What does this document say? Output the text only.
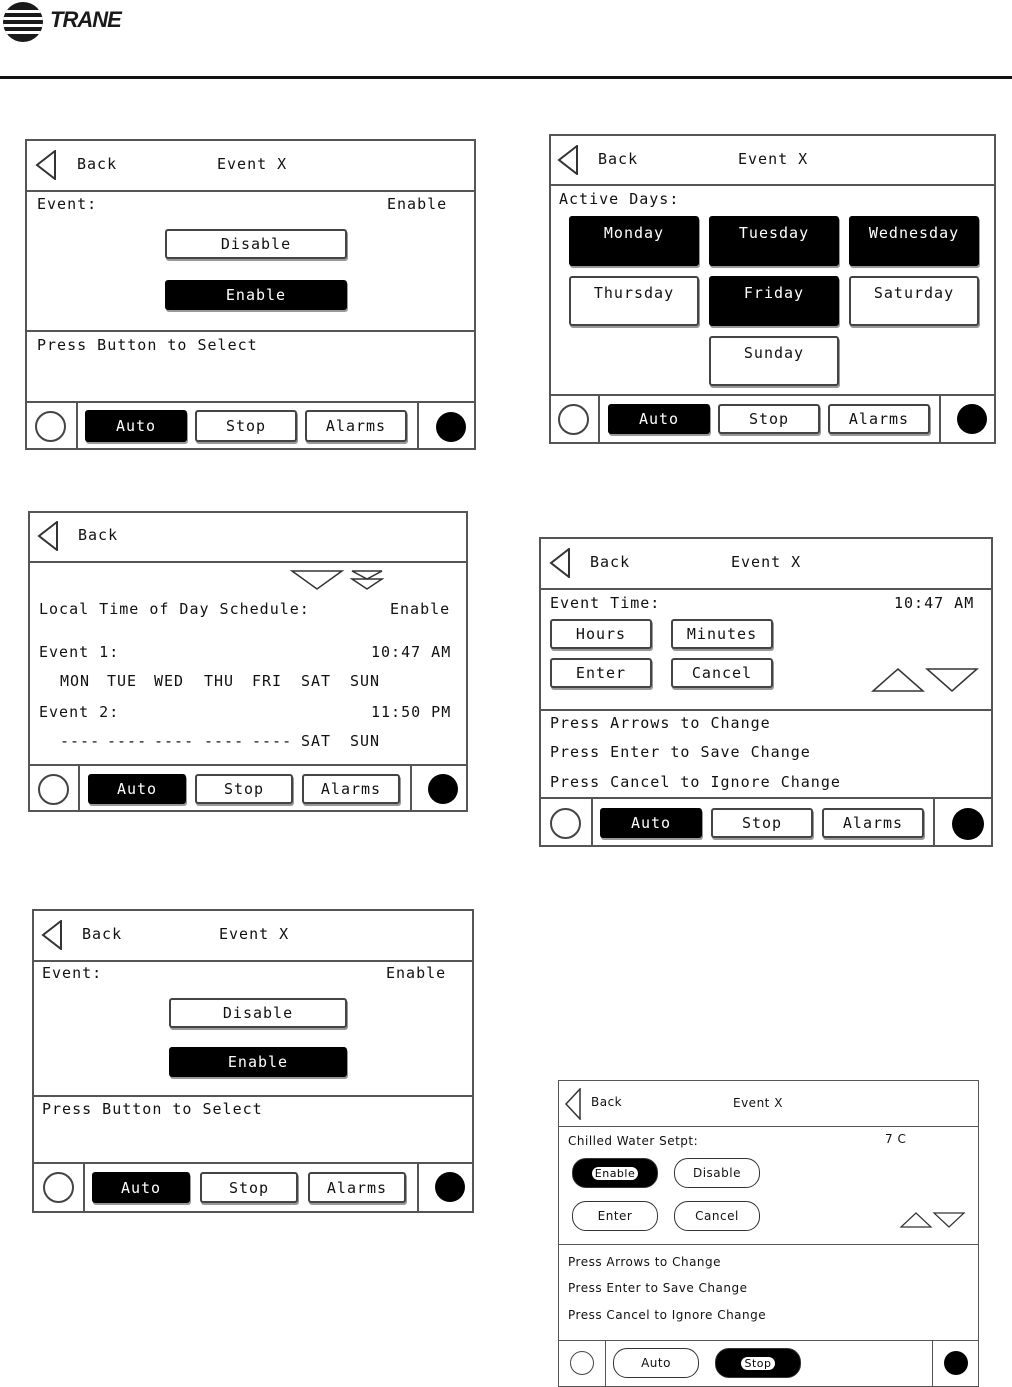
TRANE
Back	Event X
Event:	Enable
Disable
Enable
Press Button to Select
Auto	Stop	Alarms
Back	Event X
Active Days:
Monday	Tuesday	Wednesday
Thursday	Friday	Saturday
Sunday
Auto	Stop	Alarms
Back
Local Time of Day Schedule:	Enable
Event 1:	10:47 AM
MON TUE WED THU FRI SAT SUN
Event 2:	11:50 PM
---- ---- ---- ---- ---- SAT SUN
Auto	Stop	Alarms
Back	Event X
Event Time:	10:47 AM
Hours	Minutes
Enter	Cancel
Press Arrows to Change
Press Enter to Save Change
Press Cancel to Ignore Change
Auto	Stop	Alarms
Back	Event X
Event:	Enable
Disable
Enable
Press Button to Select
Auto	Stop	Alarms
Back	Event X
Chilled Water Setpt:	7 C
Enable	Disable
Enter	Cancel
Press Arrows to Change
Press Enter to Save Change
Press Cancel to Ignore Change
Auto	Stop
